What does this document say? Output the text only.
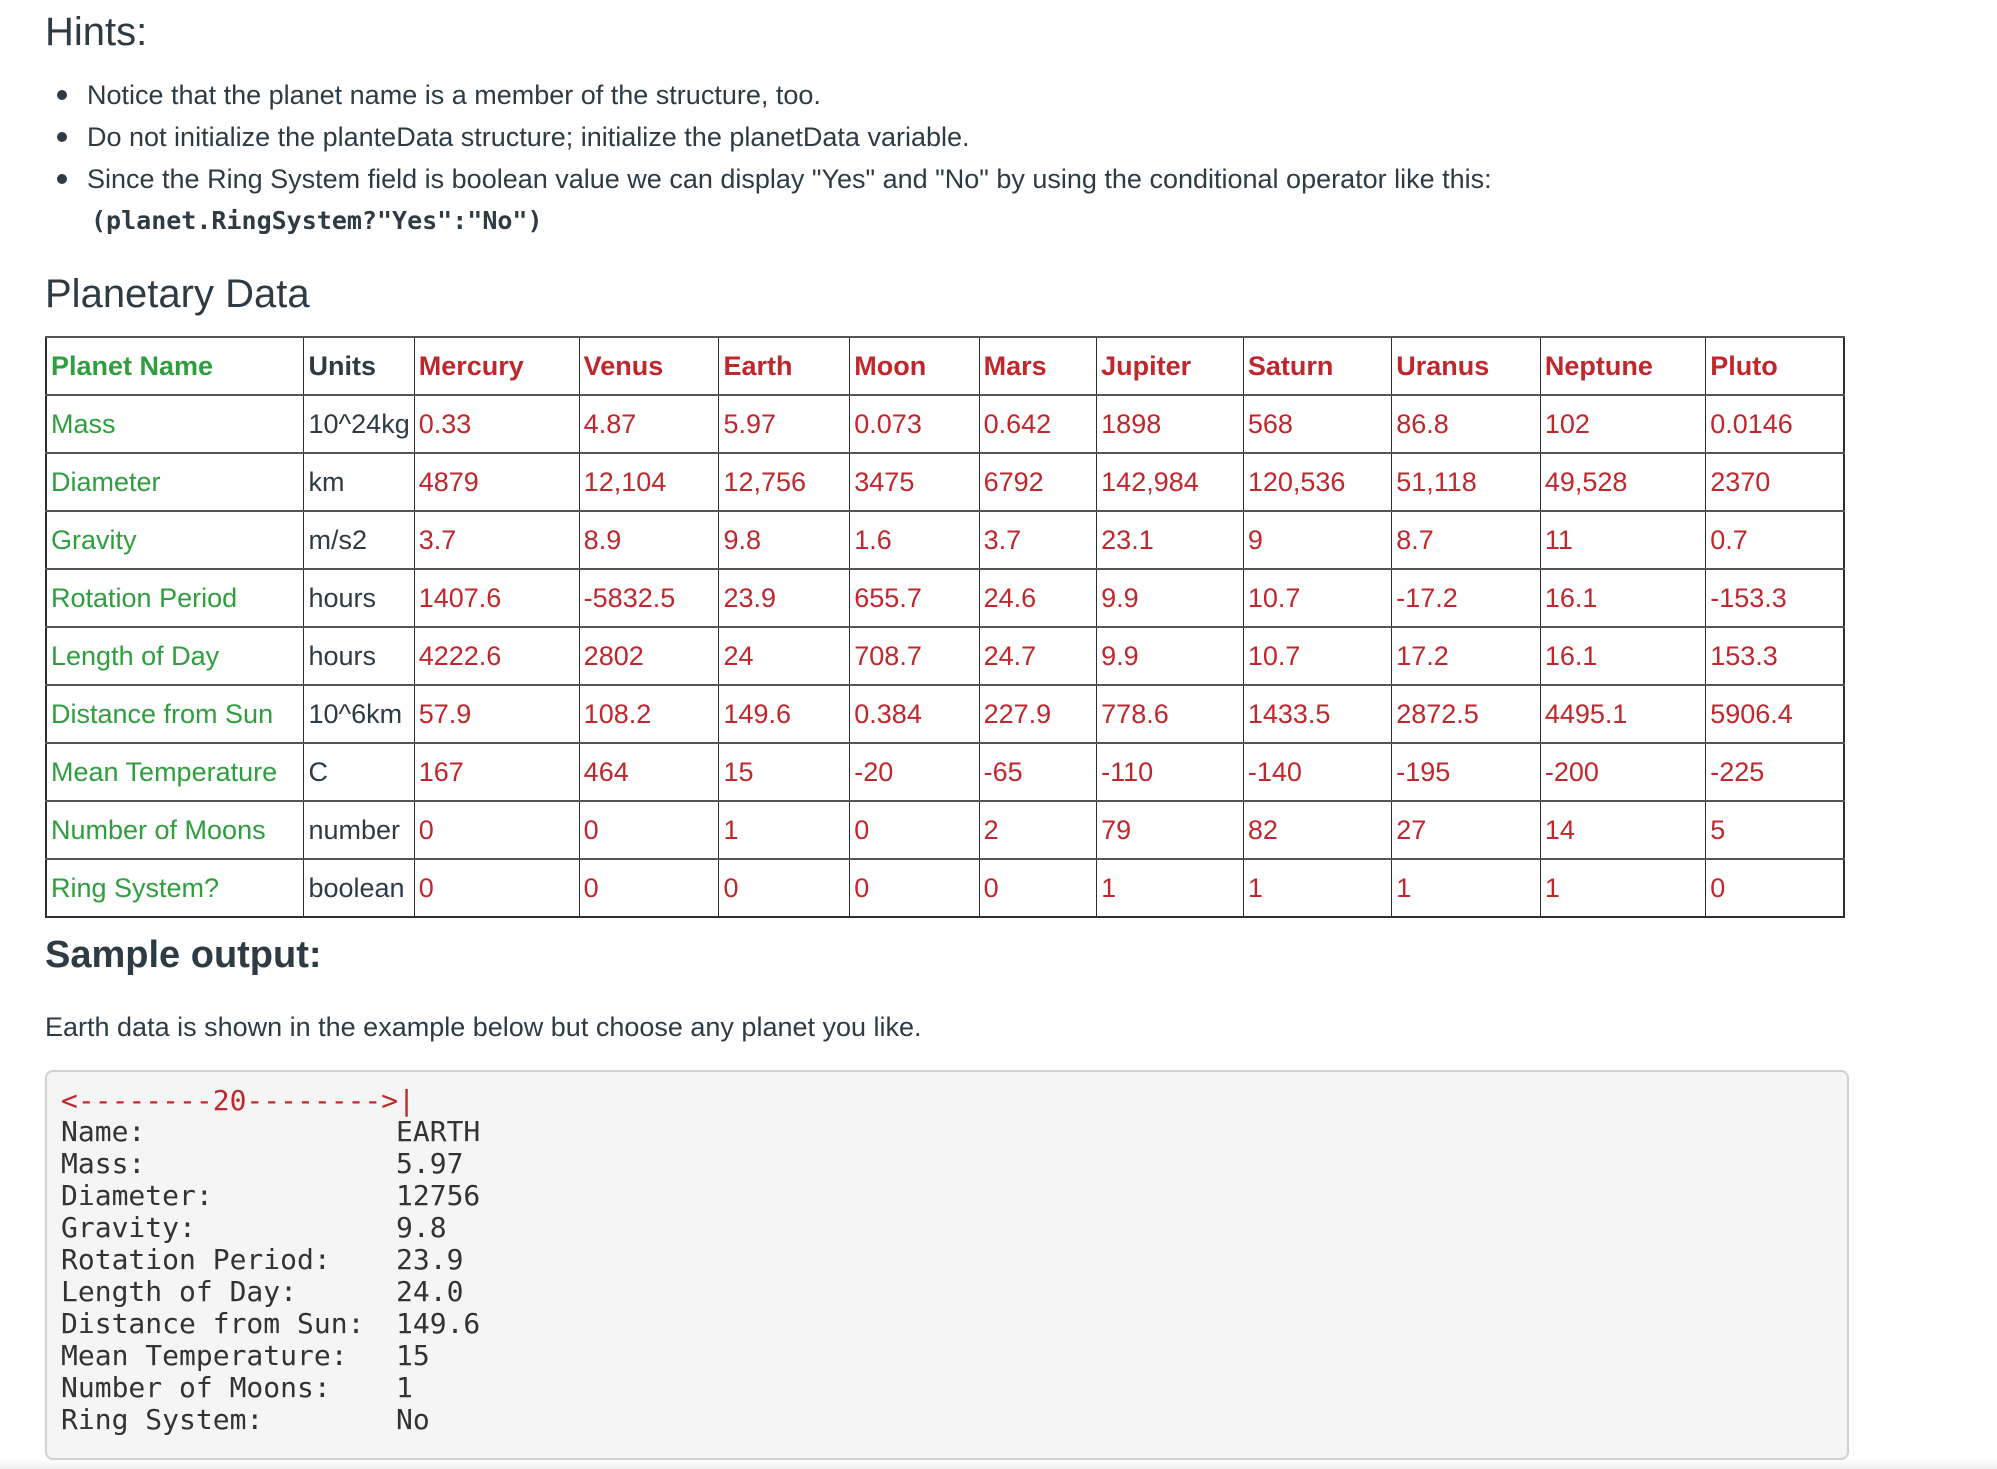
Hints:
Notice that the planet name is a member of the structure, too.
Do not initialize the planteData structure; initialize the planetData variable.
Since the Ring System field is boolean value we can display "Yes" and "No" by using the conditional operator like this:
(planet.RingSystem?"Yes":"No")
Planetary Data
Planet Name	Units	Mercury	Venus	Earth	Moon	Mars	Jupiter	Saturn	Uranus	Neptune	Pluto
Mass	10^24kg	0.33	4.87	5.97	0.073	0.642	1898	568	86.8	102	0.0146
Diameter	km	4879	12,104	12,756	3475	6792	142,984	120,536	51,118	49,528	2370
Gravity	m/s2	3.7	8.9	9.8	1.6	3.7	23.1	9	8.7	11	0.7
Rotation Period	hours	1407.6	-5832.5	23.9	655.7	24.6	9.9	10.7	-17.2	16.1	-153.3
Length of Day	hours	4222.6	2802	24	708.7	24.7	9.9	10.7	17.2	16.1	153.3
Distance from Sun	10^6km	57.9	108.2	149.6	0.384	227.9	778.6	1433.5	2872.5	4495.1	5906.4
Mean Temperature	C	167	464	15	-20	-65	-110	-140	-195	-200	-225
Number of Moons	number	0	0	1	0	2	79	82	27	14	5
Ring System?	boolean	0	0	0	0	0	1	1	1	1	0
Sample output:

Earth data is shown in the example below but choose any planet you like.

<--------20-------->|
Name:	EARTH
Mass:	5.97
Diameter:	12756
Gravity:	9.8
Rotation Period:	23.9
Length of Day:	24.0
Distance from Sun:	149.6
Mean Temperature:	15
Number of Moons:	1
Ring System:	No
